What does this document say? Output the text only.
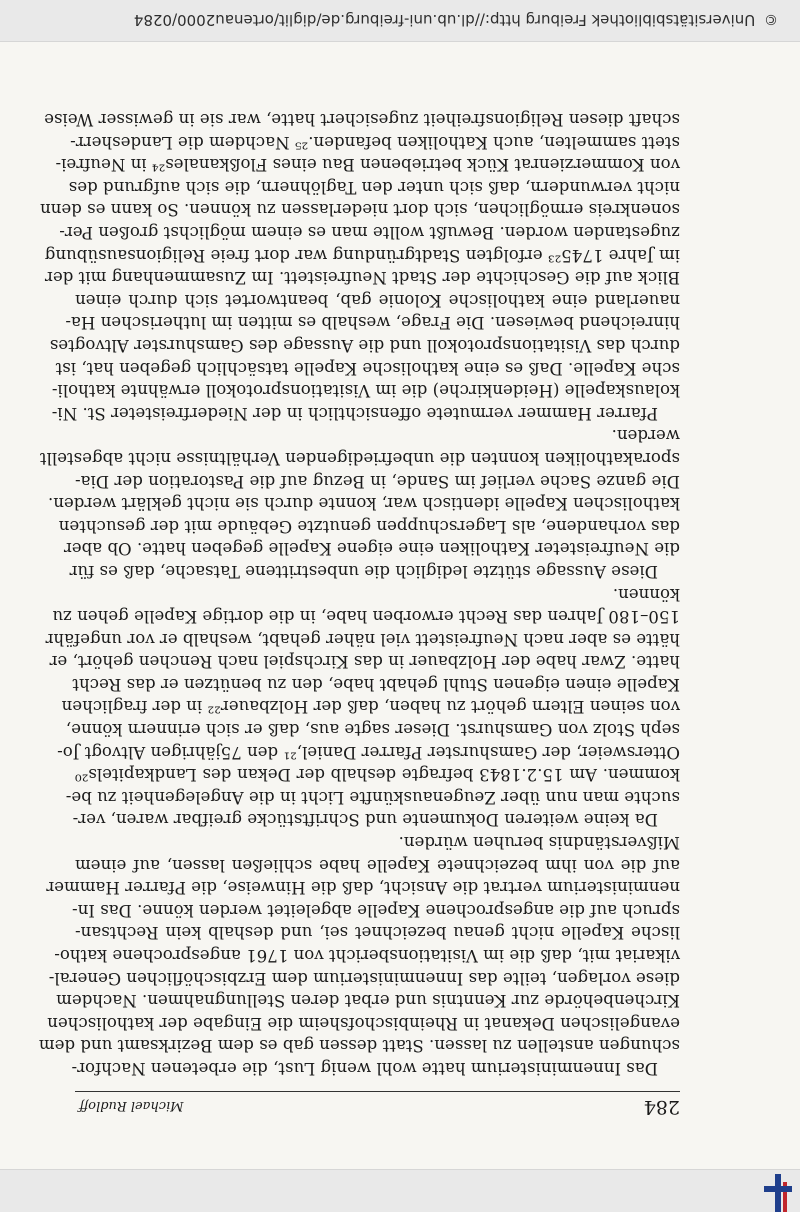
284
Michael Rudloff
Das Innenministerium hatte wohl wenig Lust, die erbetenen Nachfor-
schungen anstellen zu lassen. Statt dessen gab es dem Bezirksamt und dem
evangelischen Dekanat in Rheinbischofsheim die Eingabe der katholischen
Kirchenbehörde zur Kenntnis und erbat deren Stellungnahmen. Nachdem
diese vorlagen, teilte das Innenministerium dem Erzbischöflichen General-
vikariat mit, daß die im Visitationsbericht von 1761 angesprochene katho-
lische Kapelle nicht genau bezeichnet sei, und deshalb kein Rechtsan-
spruch auf die angesprochene Kapelle abgeleitet werden könne. Das In-
nenministerium vertrat die Ansicht, daß die Hinweise, die Pfarrer Hammer
auf die von ihm bezeichnete Kapelle habe schließen lassen, auf einem
Mißverständnis beruhen würden.
Da keine weiteren Dokumente und Schriftstücke greifbar waren, ver-
suchte man nun über Zeugenauskünfte Licht in die Angelegenheit zu be-
kommen. Am 15.2.1843 befragte deshalb der Dekan des Landkapitels²⁰
Ottersweier, der Gamshurster Pfarrer Daniel,²¹ den 75jährigen Altvogt Jo-
seph Stolz von Gamshurst. Dieser sagte aus, daß er sich erinnern könne,
von seinen Eltern gehört zu haben, daß der Holzbauer²² in der fraglichen
Kapelle einen eigenen Stuhl gehabt habe, den zu benützen er das Recht
hatte. Zwar habe der Holzbauer in das Kirchspiel nach Renchen gehört, er
hätte es aber nach Neufreistett viel näher gehabt, weshalb er vor ungefähr
150–180 Jahren das Recht erworben habe, in die dortige Kapelle gehen zu
können.
Diese Aussage stützte lediglich die unbestrittene Tatsache, daß es für
die Neufreisteter Katholiken eine eigene Kapelle gegeben hatte. Ob aber
das vorhandene, als Lagerschuppen genutzte Gebäude mit der gesuchten
katholischen Kapelle identisch war, konnte durch sie nicht geklärt werden.
Die ganze Sache verlief im Sande, in Bezug auf die Pastoration der Dia-
sporakatholiken konnten die unbefriedigenden Verhältnisse nicht abgestellt
werden.
Pfarrer Hammer vermutete offensichtlich in der Niederfreisteter St. Ni-
kolauskapelle (Heidenkirche) die im Visitationsprotokoll erwähnte katholi-
sche Kapelle. Daß es eine katholische Kapelle tatsächlich gegeben hat, ist
durch das Visitationsprotokoll und die Aussage des Gamshurster Altvogtes
hinreichend bewiesen. Die Frage, weshalb es mitten im lutherischen Ha-
nauerland eine katholische Kolonie gab, beantwortet sich durch einen
Blick auf die Geschichte der Stadt Neufreistett. Im Zusammenhang mit der
im Jahre 1745²³ erfolgten Stadtgründung war dort freie Religionsausübung
zugestanden worden. Bewußt wollte man es einem möglichst großen Per-
sonenkreis ermöglichen, sich dort niederlassen zu können. So kann es denn
nicht verwundern, daß sich unter den Taglöhnern, die sich aufgrund des
von Kommerzienrat Kück betriebenen Bau eines Floßkanales²⁴ in Neufrei-
stett sammelten, auch Katholiken befanden.²⁵ Nachdem die Landesherr-
schaft diesen Religionsfreiheit zugesichert hatte, war sie in gewisser Weise
© Universitätsbibliothek Freiburg http://dl.ub.uni-freiburg.de/diglit/ortenau2000/0284
